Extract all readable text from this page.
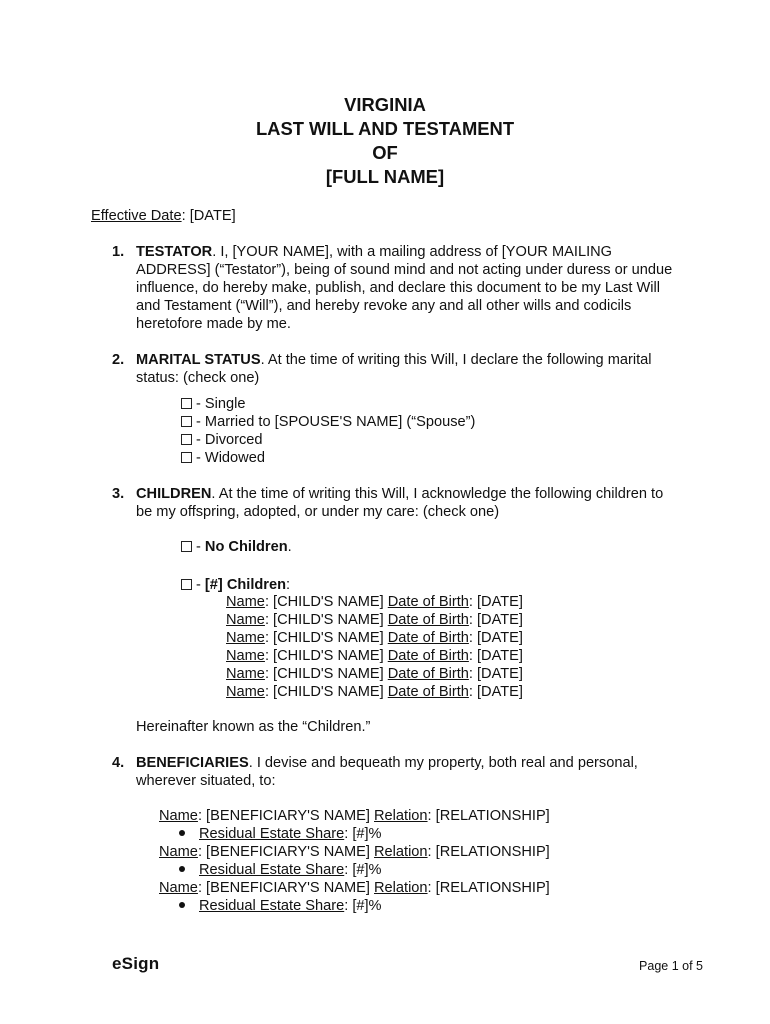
VIRGINIA
LAST WILL AND TESTAMENT
OF
[FULL NAME]
Effective Date: [DATE]
1. TESTATOR. I, [YOUR NAME], with a mailing address of [YOUR MAILING ADDRESS] (“Testator”), being of sound mind and not acting under duress or undue influence, do hereby make, publish, and declare this document to be my Last Will and Testament (“Will”), and hereby revoke any and all other wills and codicils heretofore made by me.
2. MARITAL STATUS. At the time of writing this Will, I declare the following marital status: (check one)
- Single
- Married to [SPOUSE'S NAME] (“Spouse”)
- Divorced
- Widowed
3. CHILDREN. At the time of writing this Will, I acknowledge the following children to be my offspring, adopted, or under my care: (check one)
- No Children.
- [#] Children:
Name: [CHILD'S NAME] Date of Birth: [DATE]
Name: [CHILD'S NAME] Date of Birth: [DATE]
Name: [CHILD'S NAME] Date of Birth: [DATE]
Name: [CHILD'S NAME] Date of Birth: [DATE]
Name: [CHILD'S NAME] Date of Birth: [DATE]
Name: [CHILD'S NAME] Date of Birth: [DATE]
Hereinafter known as the “Children.”
4. BENEFICIARIES. I devise and bequeath my property, both real and personal, wherever situated, to:
Name: [BENEFICIARY'S NAME] Relation: [RELATIONSHIP]
Residual Estate Share: [#]%
Name: [BENEFICIARY'S NAME] Relation: [RELATIONSHIP]
Residual Estate Share: [#]%
Name: [BENEFICIARY'S NAME] Relation: [RELATIONSHIP]
Residual Estate Share: [#]%
eSign	Page 1 of 5
